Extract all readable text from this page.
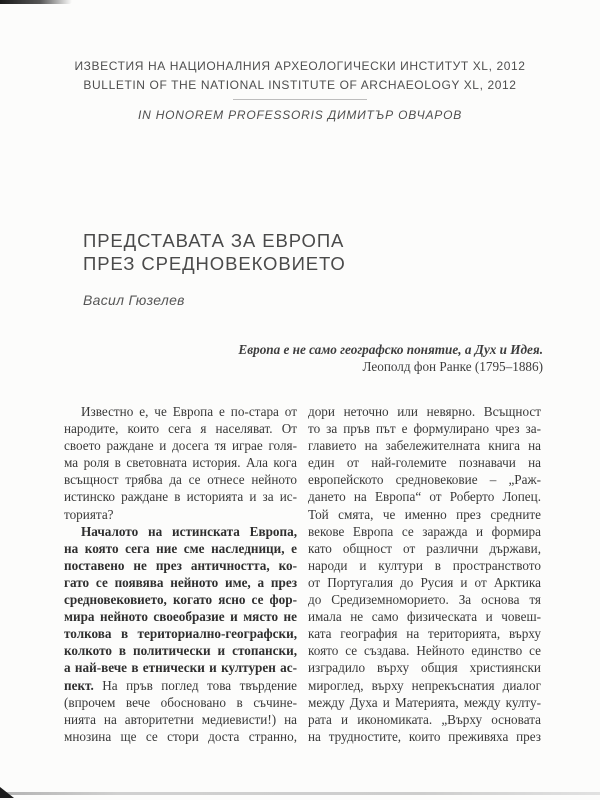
ИЗВЕСТИЯ НА НАЦИОНАЛНИЯ АРХЕОЛОГИЧЕСКИ ИНСТИТУТ XL, 2012
BULLETIN OF THE NATIONAL INSTITUTE OF ARCHAEOLOGY XL, 2012
IN HONOREM PROFESSORIS ДИМИТЪР ОВЧАРОВ
ПРЕДСТАВАТА ЗА ЕВРОПА
ПРЕЗ СРЕДНОВЕКОВИЕТО
Васил Гюзелев
Европа е не само географско понятие, а Дух и Идея.
Леополд фон Ранке (1795–1886)
Известно е, че Европа е по-стара от
народите, които сега я населяват. От
своето раждане и досега тя играе голя-
ма роля в световната история. Ала кога
всъщност трябва да се отнесе нейното
истинско раждане в историята и за ис-
торията?
Началото на истинската Европа,
на която сега ние сме наследници, е
поставено не през античността, ко-
гато се появява нейното име, а през
средновековието, когато ясно се фор-
мира нейното своеобразие и място не
толкова в териториално-географски,
колкото в политически и стопански,
а най-вече в етнически и културен ас-
пект. На пръв поглед това твърдение
(впрочем вече обосновано в съчине-
нията на авторитетни медиевисти!) на
мнозина ще се стори доста странно,
дори неточно или невярно. Всъщност
то за пръв път е формулирано чрез за-
главието на забележителната книга на
един от най-големите познавачи на
европейското средновековие – „Раж-
дането на Европа“ от Роберто Лопец.
Той смята, че именно през средните
векове Европа се заражда и формира
като общност от различни държави,
народи и култури в пространството
от Португалия до Русия и от Арктика
до Средиземноморието. За основа тя
имала не само физическата и човеш-
ката география на територията, върху
която се създава. Нейното единство се
изградило върху общия християнски
мироглед, върху непрекъснатия диалог
между Духа и Материята, между култу-
рата и икономиката. „Върху основата
на трудностите, които преживяха през
